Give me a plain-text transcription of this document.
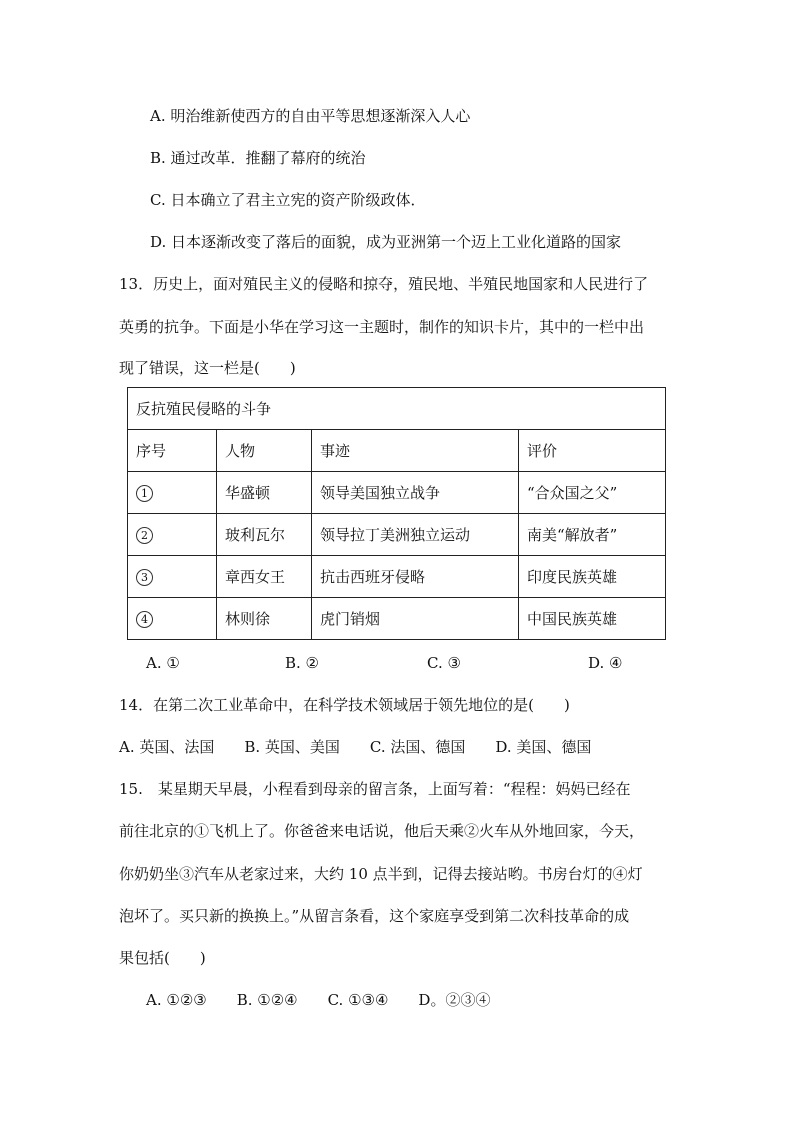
A. 明治维新使西方的自由平等思想逐渐深入人心
B. 通过改革．推翻了幕府的统治
C. 日本确立了君主立宪的资产阶级政体．
D. 日本逐渐改变了落后的面貌，成为亚洲第一个迈上工业化道路的国家
13．历史上，面对殖民主义的侵略和掠夺，殖民地、半殖民地国家和人民进行了
英勇的抗争。下面是小华在学习这一主题时，制作的知识卡片，其中的一栏中出
现了错误，这一栏是(　　)
反抗殖民侵略的斗争			
序号	人物	事迹	评价
1	华盛顿	领导美国独立战争	“合众国之父”
2	玻利瓦尔	领导拉丁美洲独立运动	南美“解放者”
3	章西女王	抗击西班牙侵略	印度民族英雄
4	林则徐	虎门销烟	中国民族英雄
A. ①	B. ②	C. ③	D. ④
14．在第二次工业革命中，在科学技术领域居于领先地位的是(　　)
A. 英国、法国　　B. 英国、美国　　C. 法国、德国　　D. 美国、德国
15.　某星期天早晨，小程看到母亲的留言条，上面写着：“程程：妈妈已经在
前往北京的①飞机上了。你爸爸来电话说，他后天乘②火车从外地回家，今天，
你奶奶坐③汽车从老家过来，大约 10 点半到，记得去接站哟。书房台灯的④灯
泡坏了。买只新的换换上。”从留言条看，这个家庭享受到第二次科技革命的成
果包括(　　)
A. ①②③　　B. ①②④　　C. ①③④　　D。②③④
